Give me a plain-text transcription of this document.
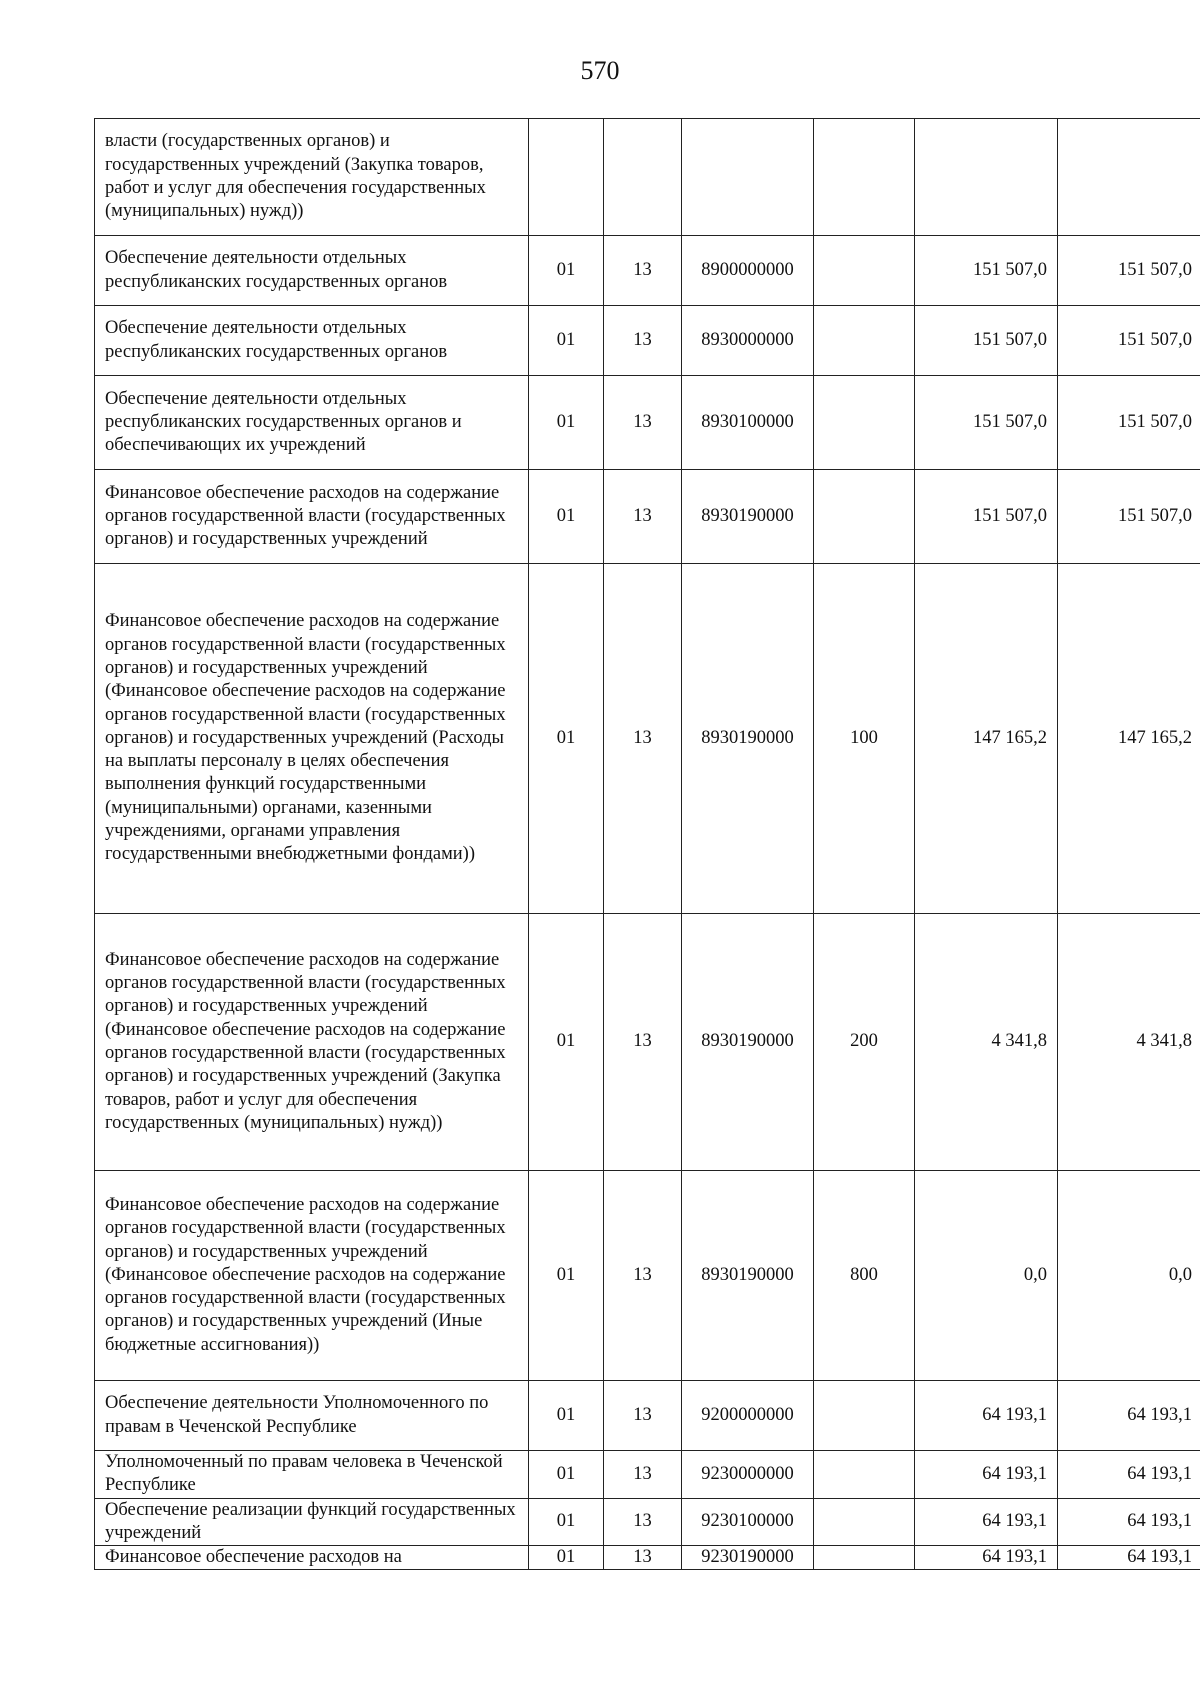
570
власти (государственных органов) и государственных учреждений (Закупка товаров, работ и услуг для обеспечения государственных (муниципальных) нужд))						
Обеспечение деятельности отдельных республиканских государственных органов	01	13	8900000000		151 507,0	151 507,0
Обеспечение деятельности отдельных республиканских государственных органов	01	13	8930000000		151 507,0	151 507,0
Обеспечение деятельности отдельных республиканских государственных органов и обеспечивающих их учреждений	01	13	8930100000		151 507,0	151 507,0
Финансовое обеспечение расходов на содержание органов государственной власти (государственных органов) и государственных учреждений	01	13	8930190000		151 507,0	151 507,0
Финансовое обеспечение расходов на содержание органов государственной власти (государственных органов) и государственных учреждений (Финансовое обеспечение расходов на содержание органов государственной власти (государственных органов) и государственных учреждений (Расходы на выплаты персоналу в целях обеспечения выполнения функций государственными (муниципальными) органами, казенными учреждениями, органами управления государственными внебюджетными фондами))	01	13	8930190000	100	147 165,2	147 165,2
Финансовое обеспечение расходов на содержание органов государственной власти (государственных органов) и государственных учреждений (Финансовое обеспечение расходов на содержание органов государственной власти (государственных органов) и государственных учреждений (Закупка товаров, работ и услуг для обеспечения государственных (муниципальных) нужд))	01	13	8930190000	200	4 341,8	4 341,8
Финансовое обеспечение расходов на содержание органов государственной власти (государственных органов) и государственных учреждений (Финансовое обеспечение расходов на содержание органов государственной власти (государственных органов) и государственных учреждений (Иные бюджетные ассигнования))	01	13	8930190000	800	0,0	0,0
Обеспечение деятельности Уполномоченного по правам в Чеченской Республике	01	13	9200000000		64 193,1	64 193,1
Уполномоченный по правам человека в Чеченской Республике	01	13	9230000000		64 193,1	64 193,1
Обеспечение реализации функций государственных учреждений	01	13	9230100000		64 193,1	64 193,1
Финансовое обеспечение расходов на	01	13	9230190000		64 193,1	64 193,1
